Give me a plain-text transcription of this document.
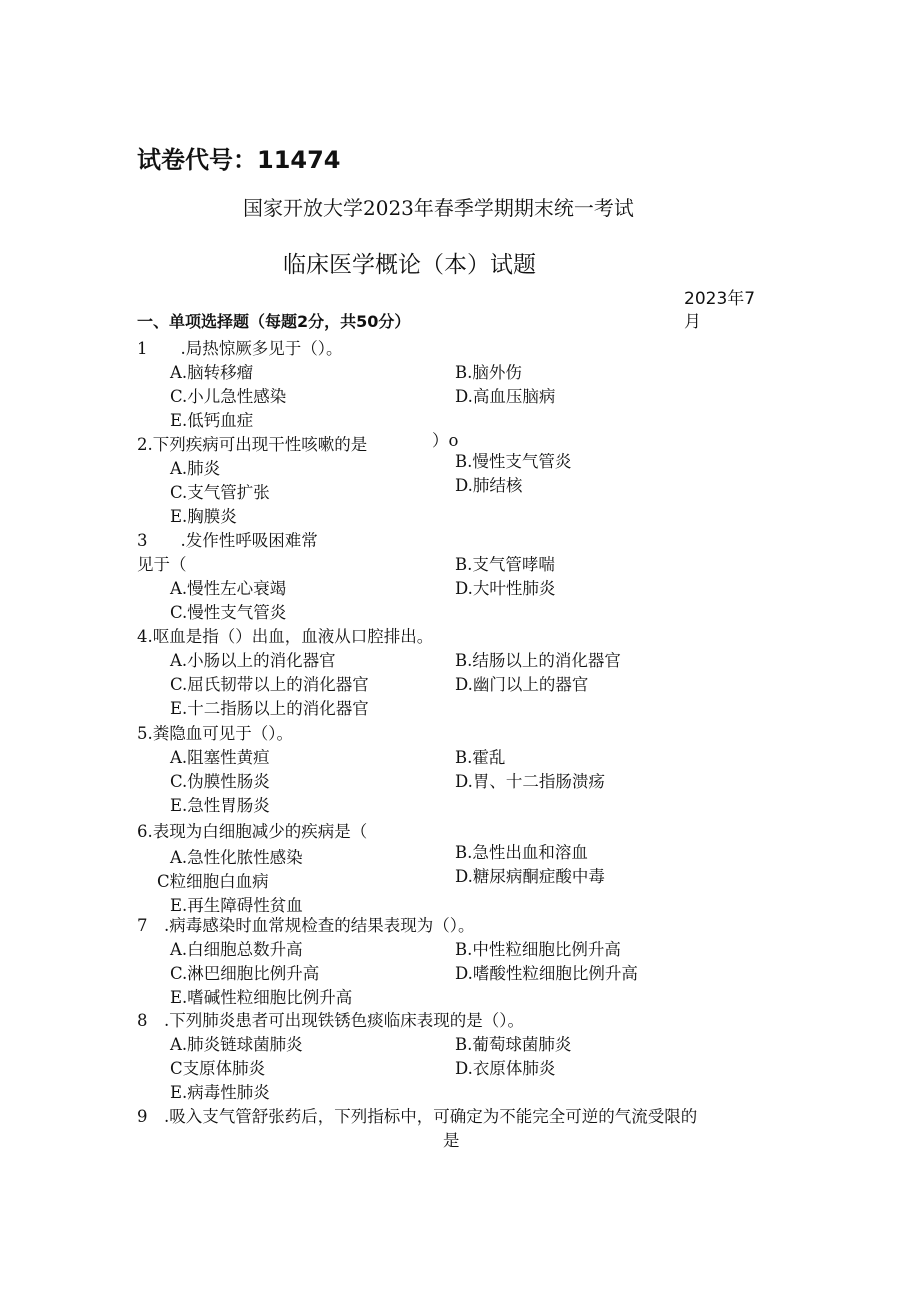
试卷代号：11474
国家开放大学2023年春季学期期末统一考试
临床医学概论（本）试题
2023年7
月
一、单项选择题（每题2分，共50分）
1　　.局热惊厥多见于（）。
A.脑转移瘤	B.脑外伤
C.小儿急性感染	D.高血压脑病
E.低钙血症
2.下列疾病可出现干性咳嗽的是	）o
A.肺炎	B.慢性支气管炎
C.支气管扩张	D.肺结核
E.胸膜炎
3　　.发作性呼吸困难常
见于（	B.支气管哮喘
A.慢性左心衰竭	D.大叶性肺炎
C.慢性支气管炎
4.呕血是指（）出血，血液从口腔排出。
A.小肠以上的消化器官	B.结肠以上的消化器官
C.屈氏韧带以上的消化器官	D.幽门以上的器官
E.十二指肠以上的消化器官
5.粪隐血可见于（）。
A.阻塞性黄疸	B.霍乱
C.伪膜性肠炎	D.胃、十二指肠溃疡
E.急性胃肠炎
6.表现为白细胞减少的疾病是（
A.急性化脓性感染	B.急性出血和溶血
C粒细胞白血病	D.糖尿病酮症酸中毒
E.再生障碍性贫血
7　.病毒感染时血常规检查的结果表现为（）。
A.白细胞总数升高	B.中性粒细胞比例升高
C.淋巴细胞比例升高	D.嗜酸性粒细胞比例升高
E.嗜碱性粒细胞比例升高
8　.下列肺炎患者可出现铁锈色痰临床表现的是（）。
A.肺炎链球菌肺炎	B.葡萄球菌肺炎
C支原体肺炎	D.衣原体肺炎
E.病毒性肺炎
9　.吸入支气管舒张药后，下列指标中，可确定为不能完全可逆的气流受限的
是
